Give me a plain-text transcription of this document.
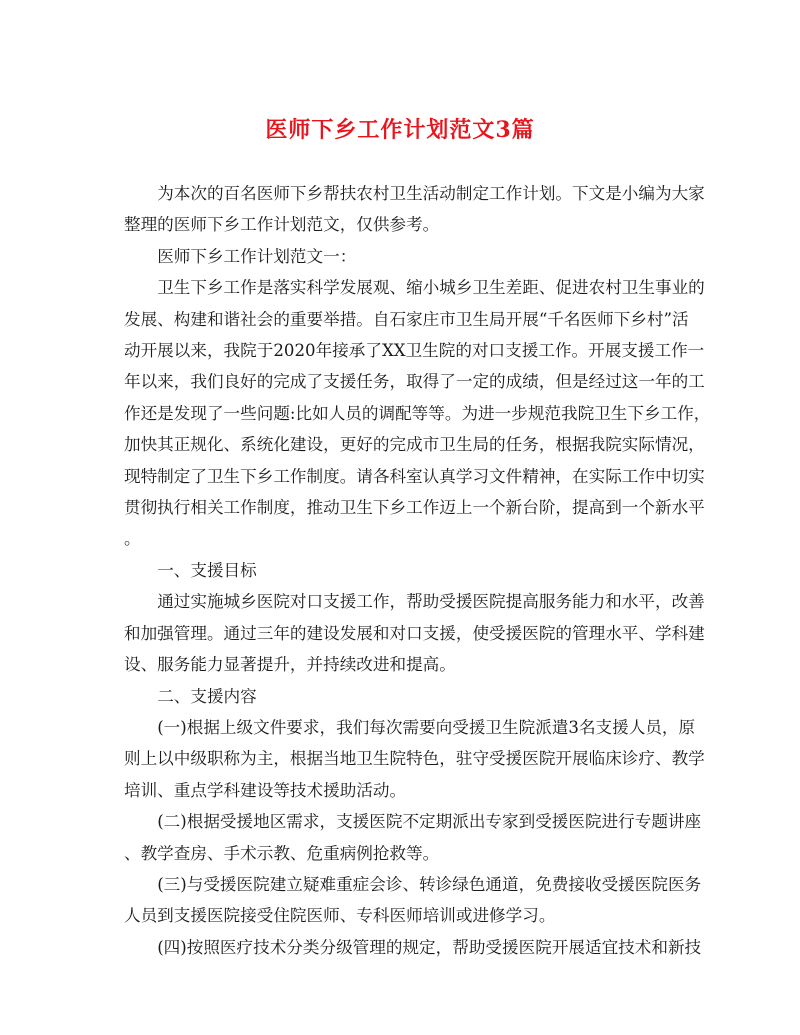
医师下乡工作计划范文3篇

为本次的百名医师下乡帮扶农村卫生活动制定工作计划。下文是小编为大家

整理的医师下乡工作计划范文，仅供参考。

医师下乡工作计划范文一：

卫生下乡工作是落实科学发展观、缩小城乡卫生差距、促进农村卫生事业的

发展、构建和谐社会的重要举措。自石家庄市卫生局开展“千名医师下乡村”活

动开展以来，我院于2020年接承了XX卫生院的对口支援工作。开展支援工作一

年以来，我们良好的完成了支援任务，取得了一定的成绩，但是经过这一年的工

作还是发现了一些问题:比如人员的调配等等。为进一步规范我院卫生下乡工作，

加快其正规化、系统化建设，更好的完成市卫生局的任务，根据我院实际情况，

现特制定了卫生下乡工作制度。请各科室认真学习文件精神，在实际工作中切实

贯彻执行相关工作制度，推动卫生下乡工作迈上一个新台阶，提高到一个新水平

。

一、支援目标

通过实施城乡医院对口支援工作，帮助受援医院提高服务能力和水平，改善

和加强管理。通过三年的建设发展和对口支援，使受援医院的管理水平、学科建

设、服务能力显著提升，并持续改进和提高。

二、支援内容

(一)根据上级文件要求，我们每次需要向受援卫生院派遣3名支援人员，原

则上以中级职称为主，根据当地卫生院特色，驻守受援医院开展临床诊疗、教学

培训、重点学科建设等技术援助活动。

(二)根据受援地区需求，支援医院不定期派出专家到受援医院进行专题讲座

、教学查房、手术示教、危重病例抢救等。

(三)与受援医院建立疑难重症会诊、转诊绿色通道，免费接收受援医院医务

人员到支援医院接受住院医师、专科医师培训或进修学习。

(四)按照医疗技术分类分级管理的规定，帮助受援医院开展适宜技术和新技
